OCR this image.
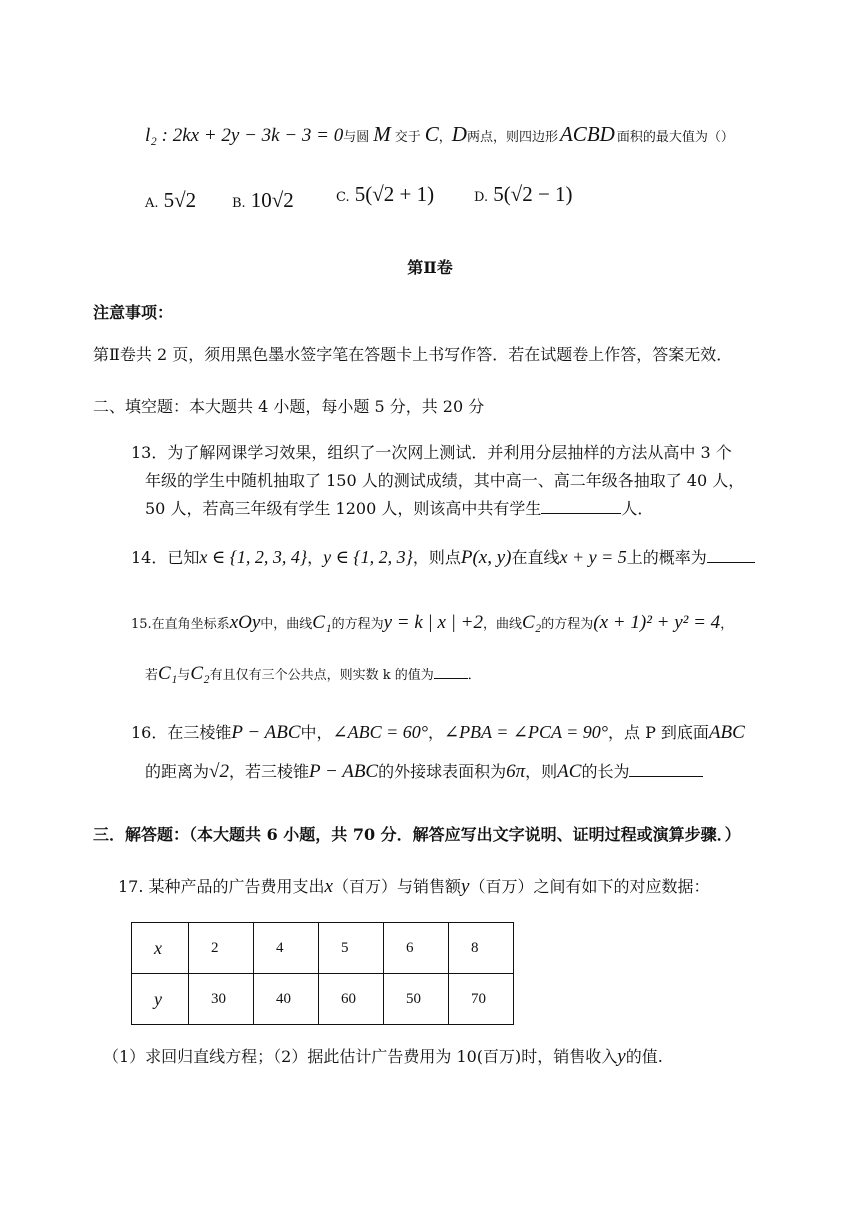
l₂ : 2kx + 2y − 3k − 3 = 0与圆 M 交于 C，D两点，则四边形ACBD 面积的最大值为（）
A. 5√2	B. 10√2	C. 5(√2 + 1)	D. 5(√2 − 1)
第Ⅱ卷
注意事项：
第Ⅱ卷共 2 页，须用黑色墨水签字笔在答题卡上书写作答．若在试题卷上作答，答案无效．
二、填空题：本大题共 4 小题，每小题 5 分，共 20 分
13．为了解网课学习效果，组织了一次网上测试．并利用分层抽样的方法从高中 3 个
年级的学生中随机抽取了 150 人的测试成绩，其中高一、高二年级各抽取了 40 人，
50 人，若高三年级有学生 1200 人，则该高中共有学生	人．
14．已知x ∈ {1, 2, 3, 4}，y ∈ {1, 2, 3}，则点P(x, y)在直线x + y = 5上的概率为
15.在直角坐标系xOy中，曲线C₁的方程为y = k | x | +2，曲线C₂的方程为(x + 1)² + y² = 4，
若C₁与C₂有且仅有三个公共点，则实数 k 的值为	．
16．在三棱锥P − ABC中，∠ABC = 60°，∠PBA = ∠PCA = 90°，点 P 到底面ABC
的距离为√2，若三棱锥P − ABC的外接球表面积为6π，则AC的长为
三．解答题：（本大题共 6 小题，共 70 分．解答应写出文字说明、证明过程或演算步骤．）
17. 某种产品的广告费用支出x（百万）与销售额y（百万）之间有如下的对应数据：
x	2	4	5	6	8
y	30	40	60	50	70
（1）求回归直线方程；（2）据此估计广告费用为 10(百万)时，销售收入y的值.
